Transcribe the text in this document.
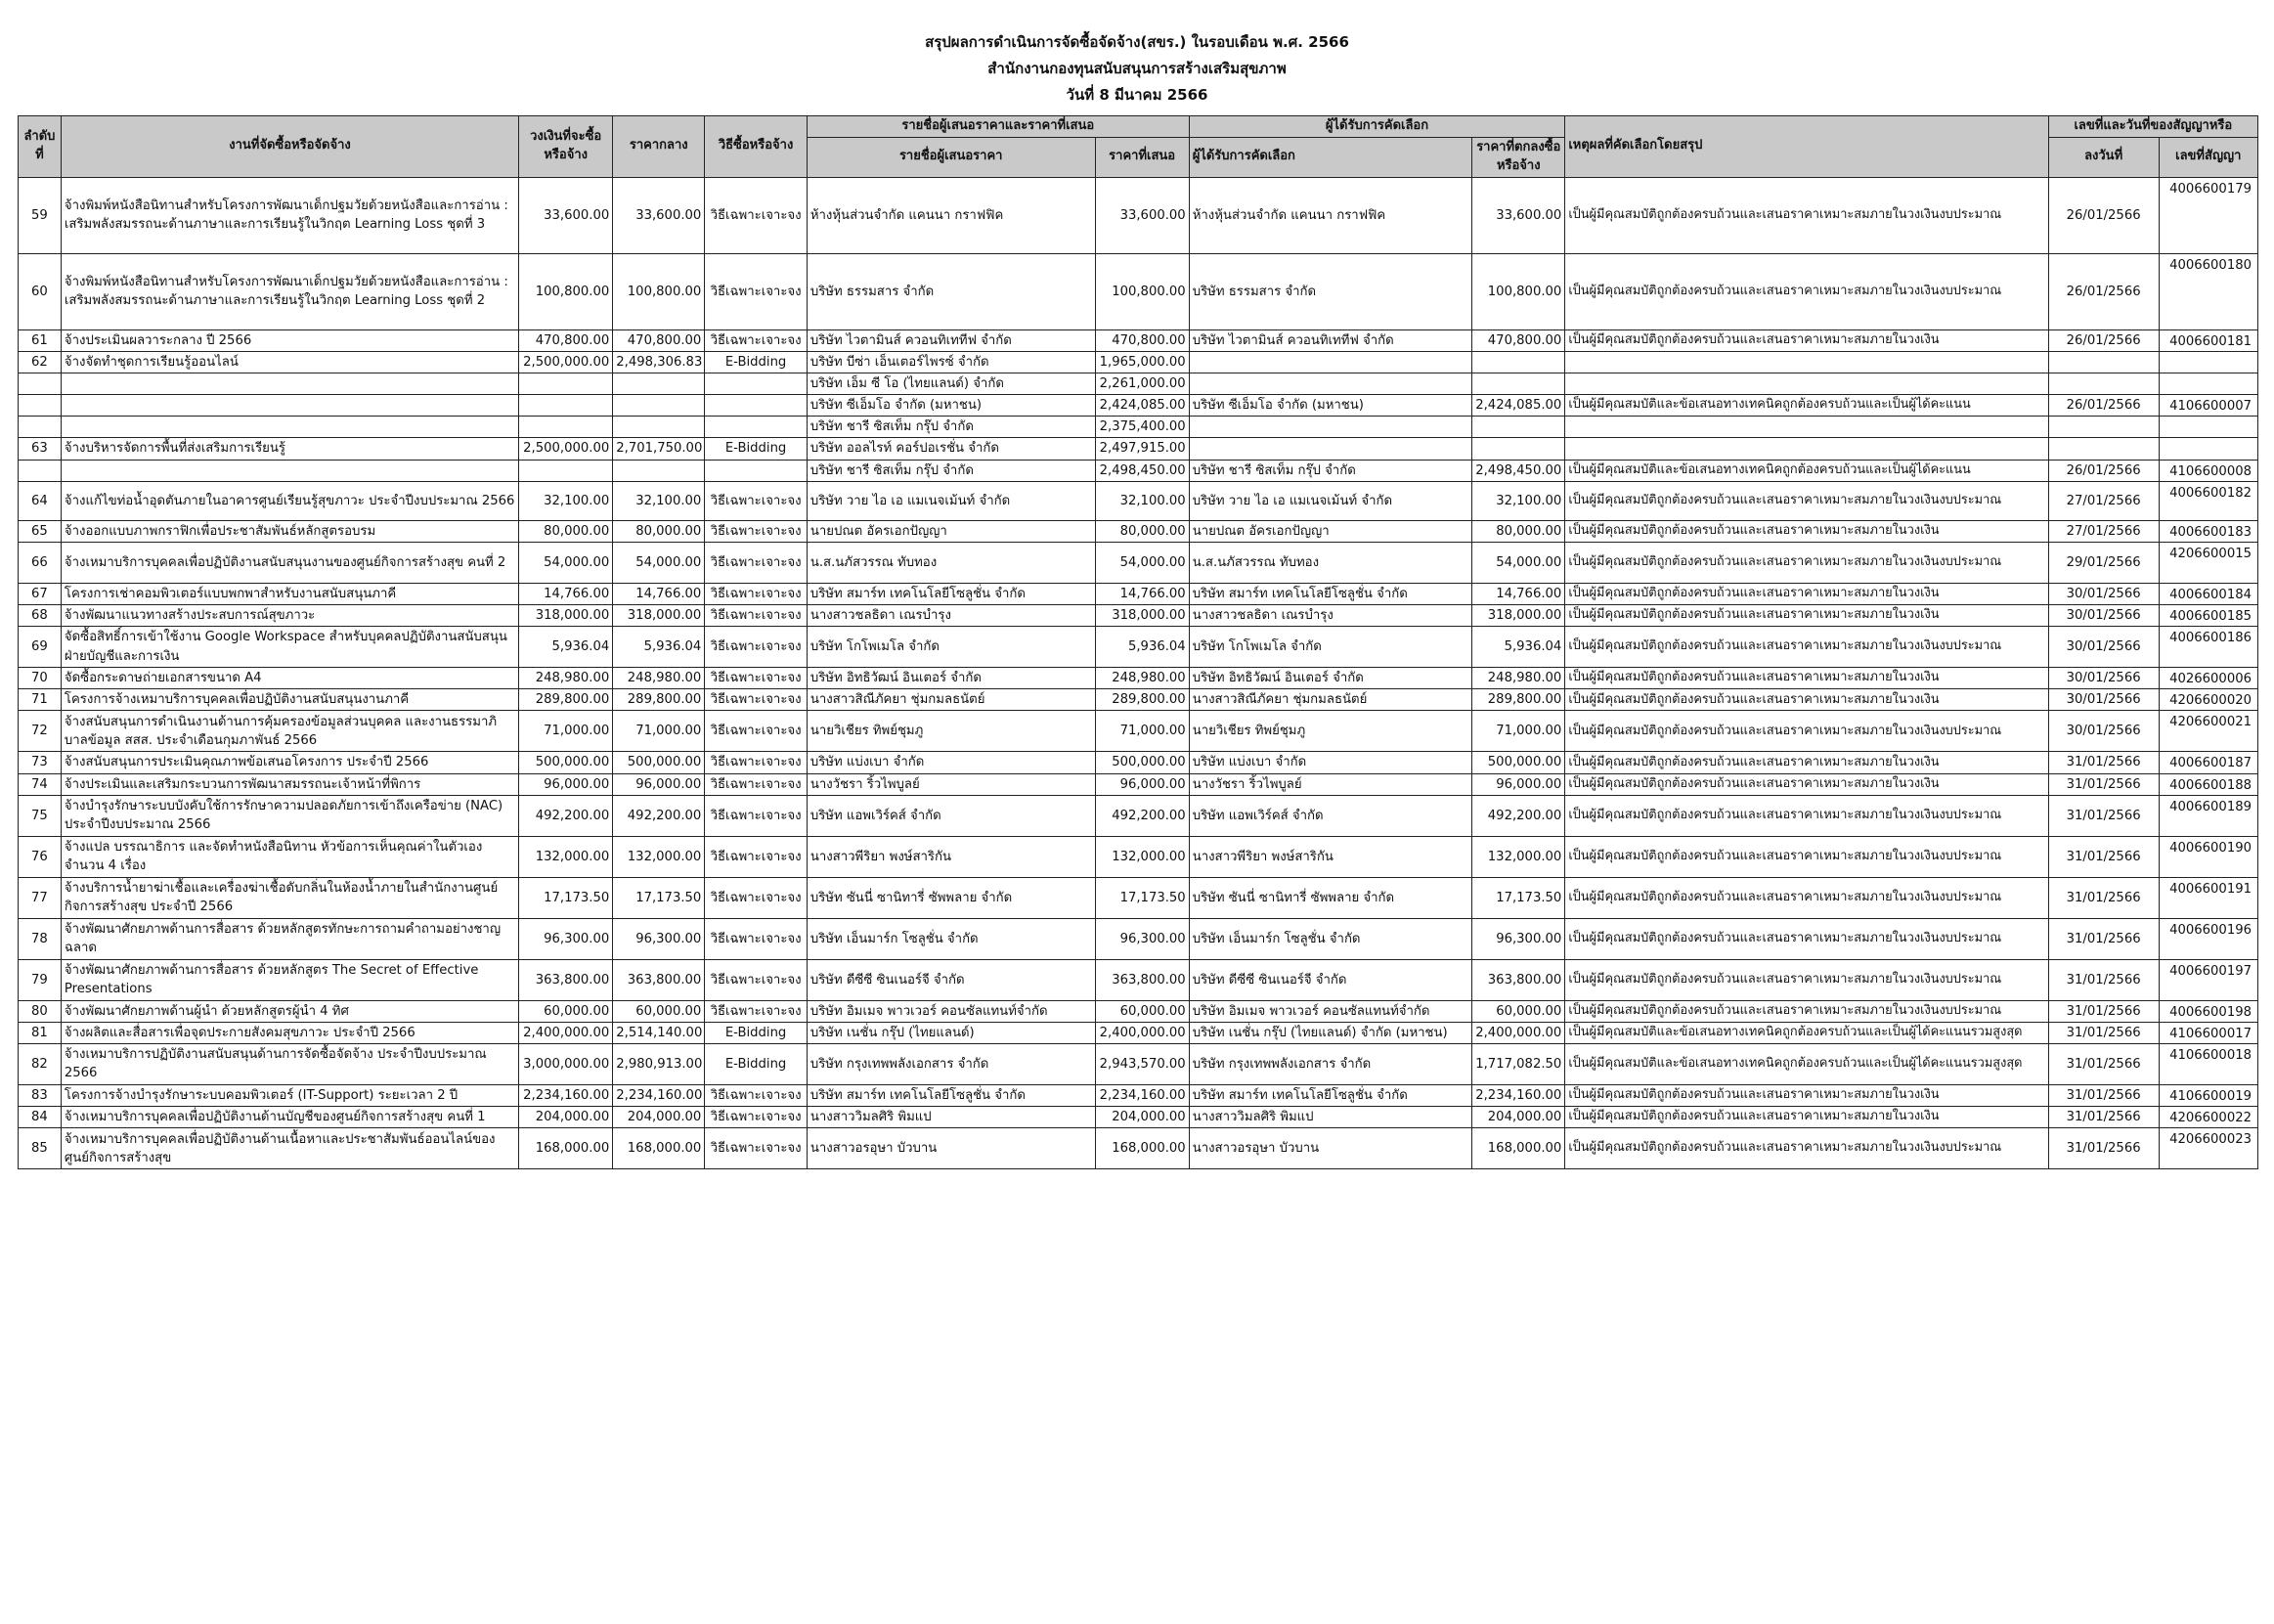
สรุปผลการดำเนินการจัดซื้อจัดจ้าง(สขร.) ในรอบเดือน พ.ศ. 2566
สำนักงานกองทุนสนับสนุนการสร้างเสริมสุขภาพ
วันที่ 8 มีนาคม 2566
ลำดับที่	งานที่จัดซื้อหรือจัดจ้าง	วงเงินที่จะซื้อหรือจ้าง	ราคากลาง	วิธีซื้อหรือจ้าง	รายชื่อผู้เสนอราคาและราคาที่เสนอ		ผู้ได้รับการคัดเลือก		เหตุผลที่คัดเลือกโดยสรุป	เลขที่และวันที่ของสัญญาหรือ	
					รายชื่อผู้เสนอราคา	ราคาที่เสนอ	ผู้ได้รับการคัดเลือก	ราคาที่ตกลงซื้อหรือจ้าง		ลงวันที่	เลขที่สัญญา
59	จ้างพิมพ์หนังสือนิทานสำหรับโครงการพัฒนาเด็กปฐมวัยด้วยหนังสือและการอ่าน : เสริมพลังสมรรถนะด้านภาษาและการเรียนรู้ในวิกฤต Learning Loss ชุดที่ 3	33,600.00	33,600.00	วิธีเฉพาะเจาะจง	ห้างหุ้นส่วนจำกัด แคนนา กราฟฟิค	33,600.00	ห้างหุ้นส่วนจำกัด แคนนา กราฟฟิค	33,600.00	เป็นผู้มีคุณสมบัติถูกต้องครบถ้วนและเสนอราคาเหมาะสมภายในวงเงินงบประมาณ	26/01/2566	4006600179

60	จ้างพิมพ์หนังสือนิทานสำหรับโครงการพัฒนาเด็กปฐมวัยด้วยหนังสือและการอ่าน : เสริมพลังสมรรถนะด้านภาษาและการเรียนรู้ในวิกฤต Learning Loss ชุดที่ 2	100,800.00	100,800.00	วิธีเฉพาะเจาะจง	บริษัท ธรรมสาร จำกัด	100,800.00	บริษัท ธรรมสาร จำกัด	100,800.00	เป็นผู้มีคุณสมบัติถูกต้องครบถ้วนและเสนอราคาเหมาะสมภายในวงเงินงบประมาณ	26/01/2566	4006600180

61	จ้างประเมินผลวาระกลาง ปี 2566	470,800.00	470,800.00	วิธีเฉพาะเจาะจง	บริษัท ไวตามินส์ ควอนทิเททีฟ จำกัด	470,800.00	บริษัท ไวตามินส์ ควอนทิเททีฟ จำกัด	470,800.00	เป็นผู้มีคุณสมบัติถูกต้องครบถ้วนและเสนอราคาเหมาะสมภายในวงเงิน	26/01/2566	4006600181

62	จ้างจัดทำชุดการเรียนรู้ออนไลน์	2,500,000.00	2,498,306.83	E-Bidding	บริษัท บีซ่า เอ็นเตอร์ไพรซ์ จำกัด	1,965,000.00					

					บริษัท เอ็ม ซี โอ (ไทยแลนด์) จำกัด	2,261,000.00					

					บริษัท ซีเอ็มโอ จำกัด (มหาชน)	2,424,085.00	บริษัท ซีเอ็มโอ จำกัด (มหาชน)	2,424,085.00	เป็นผู้มีคุณสมบัติและข้อเสนอทางเทคนิคถูกต้องครบถ้วนและเป็นผู้ได้คะแนน	26/01/2566	4106600007

					บริษัท ชารี ซิสเท็ม กรุ๊ป จำกัด	2,375,400.00					

63	จ้างบริหารจัดการพื้นที่ส่งเสริมการเรียนรู้	2,500,000.00	2,701,750.00	E-Bidding	บริษัท ออลไรท์ คอร์ปอเรชั่น จำกัด	2,497,915.00					

					บริษัท ชารี ซิสเท็ม กรุ๊ป จำกัด	2,498,450.00	บริษัท ชารี ซิสเท็ม กรุ๊ป จำกัด	2,498,450.00	เป็นผู้มีคุณสมบัติและข้อเสนอทางเทคนิคถูกต้องครบถ้วนและเป็นผู้ได้คะแนน	26/01/2566	4106600008

64	จ้างแก้ไขท่อน้ำอุดตันภายในอาคารศูนย์เรียนรู้สุขภาวะ ประจำปีงบประมาณ 2566	32,100.00	32,100.00	วิธีเฉพาะเจาะจง	บริษัท วาย ไอ เอ แมเนจเม้นท์ จำกัด	32,100.00	บริษัท วาย ไอ เอ แมเนจเม้นท์ จำกัด	32,100.00	เป็นผู้มีคุณสมบัติถูกต้องครบถ้วนและเสนอราคาเหมาะสมภายในวงเงินงบประมาณ	27/01/2566	4006600182

65	จ้างออกแบบภาพกราฟิกเพื่อประชาสัมพันธ์หลักสูตรอบรม	80,000.00	80,000.00	วิธีเฉพาะเจาะจง	นายปณต อัครเอกปัญญา	80,000.00	นายปณต อัครเอกปัญญา	80,000.00	เป็นผู้มีคุณสมบัติถูกต้องครบถ้วนและเสนอราคาเหมาะสมภายในวงเงิน	27/01/2566	4006600183

66	จ้างเหมาบริการบุคคลเพื่อปฏิบัติงานสนับสนุนงานของศูนย์กิจการสร้างสุข คนที่ 2	54,000.00	54,000.00	วิธีเฉพาะเจาะจง	น.ส.นภัสวรรณ ทับทอง	54,000.00	น.ส.นภัสวรรณ ทับทอง	54,000.00	เป็นผู้มีคุณสมบัติถูกต้องครบถ้วนและเสนอราคาเหมาะสมภายในวงเงินงบประมาณ	29/01/2566	4206600015

67	โครงการเช่าคอมพิวเตอร์แบบพกพาสำหรับงานสนับสนุนภาคี	14,766.00	14,766.00	วิธีเฉพาะเจาะจง	บริษัท สมาร์ท เทคโนโลยีโซลูชั่น จำกัด	14,766.00	บริษัท สมาร์ท เทคโนโลยีโซลูชั่น จำกัด	14,766.00	เป็นผู้มีคุณสมบัติถูกต้องครบถ้วนและเสนอราคาเหมาะสมภายในวงเงิน	30/01/2566	4006600184

68	จ้างพัฒนาแนวทางสร้างประสบการณ์สุขภาวะ	318,000.00	318,000.00	วิธีเฉพาะเจาะจง	นางสาวชลธิดา เณรบำรุง	318,000.00	นางสาวชลธิดา เณรบำรุง	318,000.00	เป็นผู้มีคุณสมบัติถูกต้องครบถ้วนและเสนอราคาเหมาะสมภายในวงเงิน	30/01/2566	4006600185

69	จัดซื้อสิทธิ์การเข้าใช้งาน Google Workspace สำหรับบุคคลปฏิบัติงานสนับสนุนฝ่ายบัญชีและการเงิน	5,936.04	5,936.04	วิธีเฉพาะเจาะจง	บริษัท โกโพเมโล จำกัด	5,936.04	บริษัท โกโพเมโล จำกัด	5,936.04	เป็นผู้มีคุณสมบัติถูกต้องครบถ้วนและเสนอราคาเหมาะสมภายในวงเงินงบประมาณ	30/01/2566	4006600186

70	จัดซื้อกระดาษถ่ายเอกสารขนาด A4	248,980.00	248,980.00	วิธีเฉพาะเจาะจง	บริษัท อิทธิวัฒน์ อินเตอร์ จำกัด	248,980.00	บริษัท อิทธิวัฒน์ อินเตอร์ จำกัด	248,980.00	เป็นผู้มีคุณสมบัติถูกต้องครบถ้วนและเสนอราคาเหมาะสมภายในวงเงิน	30/01/2566	4026600006

71	โครงการจ้างเหมาบริการบุคคลเพื่อปฏิบัติงานสนับสนุนงานภาคี	289,800.00	289,800.00	วิธีเฉพาะเจาะจง	นางสาวสิณีภัคยา ชุ่มกมลธนัตย์	289,800.00	นางสาวสิณีภัคยา ชุ่มกมลธนัตย์	289,800.00	เป็นผู้มีคุณสมบัติถูกต้องครบถ้วนและเสนอราคาเหมาะสมภายในวงเงิน	30/01/2566	4206600020

72	จ้างสนับสนุนการดำเนินงานด้านการคุ้มครองข้อมูลส่วนบุคคล และงานธรรมาภิบาลข้อมูล สสส. ประจำเดือนกุมภาพันธ์ 2566	71,000.00	71,000.00	วิธีเฉพาะเจาะจง	นายวิเชียร ทิพย์ชุมภู	71,000.00	นายวิเชียร ทิพย์ชุมภู	71,000.00	เป็นผู้มีคุณสมบัติถูกต้องครบถ้วนและเสนอราคาเหมาะสมภายในวงเงินงบประมาณ	30/01/2566	4206600021

73	จ้างสนับสนุนการประเมินคุณภาพข้อเสนอโครงการ ประจำปี 2566	500,000.00	500,000.00	วิธีเฉพาะเจาะจง	บริษัท แบ่งเบา จำกัด	500,000.00	บริษัท แบ่งเบา จำกัด	500,000.00	เป็นผู้มีคุณสมบัติถูกต้องครบถ้วนและเสนอราคาเหมาะสมภายในวงเงิน	31/01/2566	4006600187

74	จ้างประเมินและเสริมกระบวนการพัฒนาสมรรถนะเจ้าหน้าที่พิการ	96,000.00	96,000.00	วิธีเฉพาะเจาะจง	นางวัชรา ริ้วไพบูลย์	96,000.00	นางวัชรา ริ้วไพบูลย์	96,000.00	เป็นผู้มีคุณสมบัติถูกต้องครบถ้วนและเสนอราคาเหมาะสมภายในวงเงิน	31/01/2566	4006600188

75	จ้างบำรุงรักษาระบบบังคับใช้การรักษาความปลอดภัยการเข้าถึงเครือข่าย (NAC) ประจำปีงบประมาณ 2566	492,200.00	492,200.00	วิธีเฉพาะเจาะจง	บริษัท แอพเวิร์คส์ จำกัด	492,200.00	บริษัท แอพเวิร์คส์ จำกัด	492,200.00	เป็นผู้มีคุณสมบัติถูกต้องครบถ้วนและเสนอราคาเหมาะสมภายในวงเงินงบประมาณ	31/01/2566	4006600189

76	จ้างแปล บรรณาธิการ และจัดทำหนังสือนิทาน หัวข้อการเห็นคุณค่าในตัวเอง จำนวน 4 เรื่อง	132,000.00	132,000.00	วิธีเฉพาะเจาะจง	นางสาวพีริยา พงษ์สาริกัน	132,000.00	นางสาวพีริยา พงษ์สาริกัน	132,000.00	เป็นผู้มีคุณสมบัติถูกต้องครบถ้วนและเสนอราคาเหมาะสมภายในวงเงินงบประมาณ	31/01/2566	4006600190

77	จ้างบริการน้ำยาฆ่าเชื้อและเครื่องฆ่าเชื้อดับกลิ่นในห้องน้ำภายในสำนักงานศูนย์กิจการสร้างสุข ประจำปี 2566	17,173.50	17,173.50	วิธีเฉพาะเจาะจง	บริษัท ซันนี่ ซานิทารี่ ซัพพลาย จำกัด	17,173.50	บริษัท ซันนี่ ซานิทารี่ ซัพพลาย จำกัด	17,173.50	เป็นผู้มีคุณสมบัติถูกต้องครบถ้วนและเสนอราคาเหมาะสมภายในวงเงินงบประมาณ	31/01/2566	4006600191

78	จ้างพัฒนาศักยภาพด้านการสื่อสาร ด้วยหลักสูตรทักษะการถามคำถามอย่างชาญฉลาด	96,300.00	96,300.00	วิธีเฉพาะเจาะจง	บริษัท เอ็นมาร์ก โซลูชั่น จำกัด	96,300.00	บริษัท เอ็นมาร์ก โซลูชั่น จำกัด	96,300.00	เป็นผู้มีคุณสมบัติถูกต้องครบถ้วนและเสนอราคาเหมาะสมภายในวงเงินงบประมาณ	31/01/2566	4006600196

79	จ้างพัฒนาศักยภาพด้านการสื่อสาร ด้วยหลักสูตร The Secret of Effective Presentations	363,800.00	363,800.00	วิธีเฉพาะเจาะจง	บริษัท ดีซีซี ซินเนอร์จี จำกัด	363,800.00	บริษัท ดีซีซี ซินเนอร์จี จำกัด	363,800.00	เป็นผู้มีคุณสมบัติถูกต้องครบถ้วนและเสนอราคาเหมาะสมภายในวงเงินงบประมาณ	31/01/2566	4006600197

80	จ้างพัฒนาศักยภาพด้านผู้นำ ด้วยหลักสูตรผู้นำ 4 ทิศ	60,000.00	60,000.00	วิธีเฉพาะเจาะจง	บริษัท อิมเมจ พาวเวอร์ คอนซัลแทนท์จำกัด	60,000.00	บริษัท อิมเมจ พาวเวอร์ คอนซัลแทนท์จำกัด	60,000.00	เป็นผู้มีคุณสมบัติถูกต้องครบถ้วนและเสนอราคาเหมาะสมภายในวงเงินงบประมาณ	31/01/2566	4006600198

81	จ้างผลิตและสื่อสารเพื่อจุดประกายสังคมสุขภาวะ ประจำปี 2566	2,400,000.00	2,514,140.00	E-Bidding	บริษัท เนชั่น กรุ๊ป (ไทยแลนด์)	2,400,000.00	บริษัท เนชั่น กรุ๊ป (ไทยแลนด์) จำกัด (มหาชน)	2,400,000.00	เป็นผู้มีคุณสมบัติและข้อเสนอทางเทคนิคถูกต้องครบถ้วนและเป็นผู้ได้คะแนนรวมสูงสุด	31/01/2566	4106600017

82	จ้างเหมาบริการปฏิบัติงานสนับสนุนด้านการจัดซื้อจัดจ้าง ประจำปีงบประมาณ 2566	3,000,000.00	2,980,913.00	E-Bidding	บริษัท กรุงเทพพลังเอกสาร จำกัด	2,943,570.00	บริษัท กรุงเทพพลังเอกสาร จำกัด	1,717,082.50	เป็นผู้มีคุณสมบัติและข้อเสนอทางเทคนิคถูกต้องครบถ้วนและเป็นผู้ได้คะแนนรวมสูงสุด	31/01/2566	4106600018

83	โครงการจ้างบำรุงรักษาระบบคอมพิวเตอร์ (IT-Support) ระยะเวลา 2 ปี	2,234,160.00	2,234,160.00	วิธีเฉพาะเจาะจง	บริษัท สมาร์ท เทคโนโลยีโซลูชั่น จำกัด	2,234,160.00	บริษัท สมาร์ท เทคโนโลยีโซลูชั่น จำกัด	2,234,160.00	เป็นผู้มีคุณสมบัติถูกต้องครบถ้วนและเสนอราคาเหมาะสมภายในวงเงิน	31/01/2566	4106600019

84	จ้างเหมาบริการบุคคลเพื่อปฏิบัติงานด้านบัญชีของศูนย์กิจการสร้างสุข คนที่ 1	204,000.00	204,000.00	วิธีเฉพาะเจาะจง	นางสาววิมลศิริ พิมแป	204,000.00	นางสาววิมลศิริ พิมแป	204,000.00	เป็นผู้มีคุณสมบัติถูกต้องครบถ้วนและเสนอราคาเหมาะสมภายในวงเงิน	31/01/2566	4206600022

85	จ้างเหมาบริการบุคคลเพื่อปฏิบัติงานด้านเนื้อหาและประชาสัมพันธ์ออนไลน์ของศูนย์กิจการสร้างสุข	168,000.00	168,000.00	วิธีเฉพาะเจาะจง	นางสาวอรอุษา บัวบาน	168,000.00	นางสาวอรอุษา บัวบาน	168,000.00	เป็นผู้มีคุณสมบัติถูกต้องครบถ้วนและเสนอราคาเหมาะสมภายในวงเงินงบประมาณ	31/01/2566	4206600023
